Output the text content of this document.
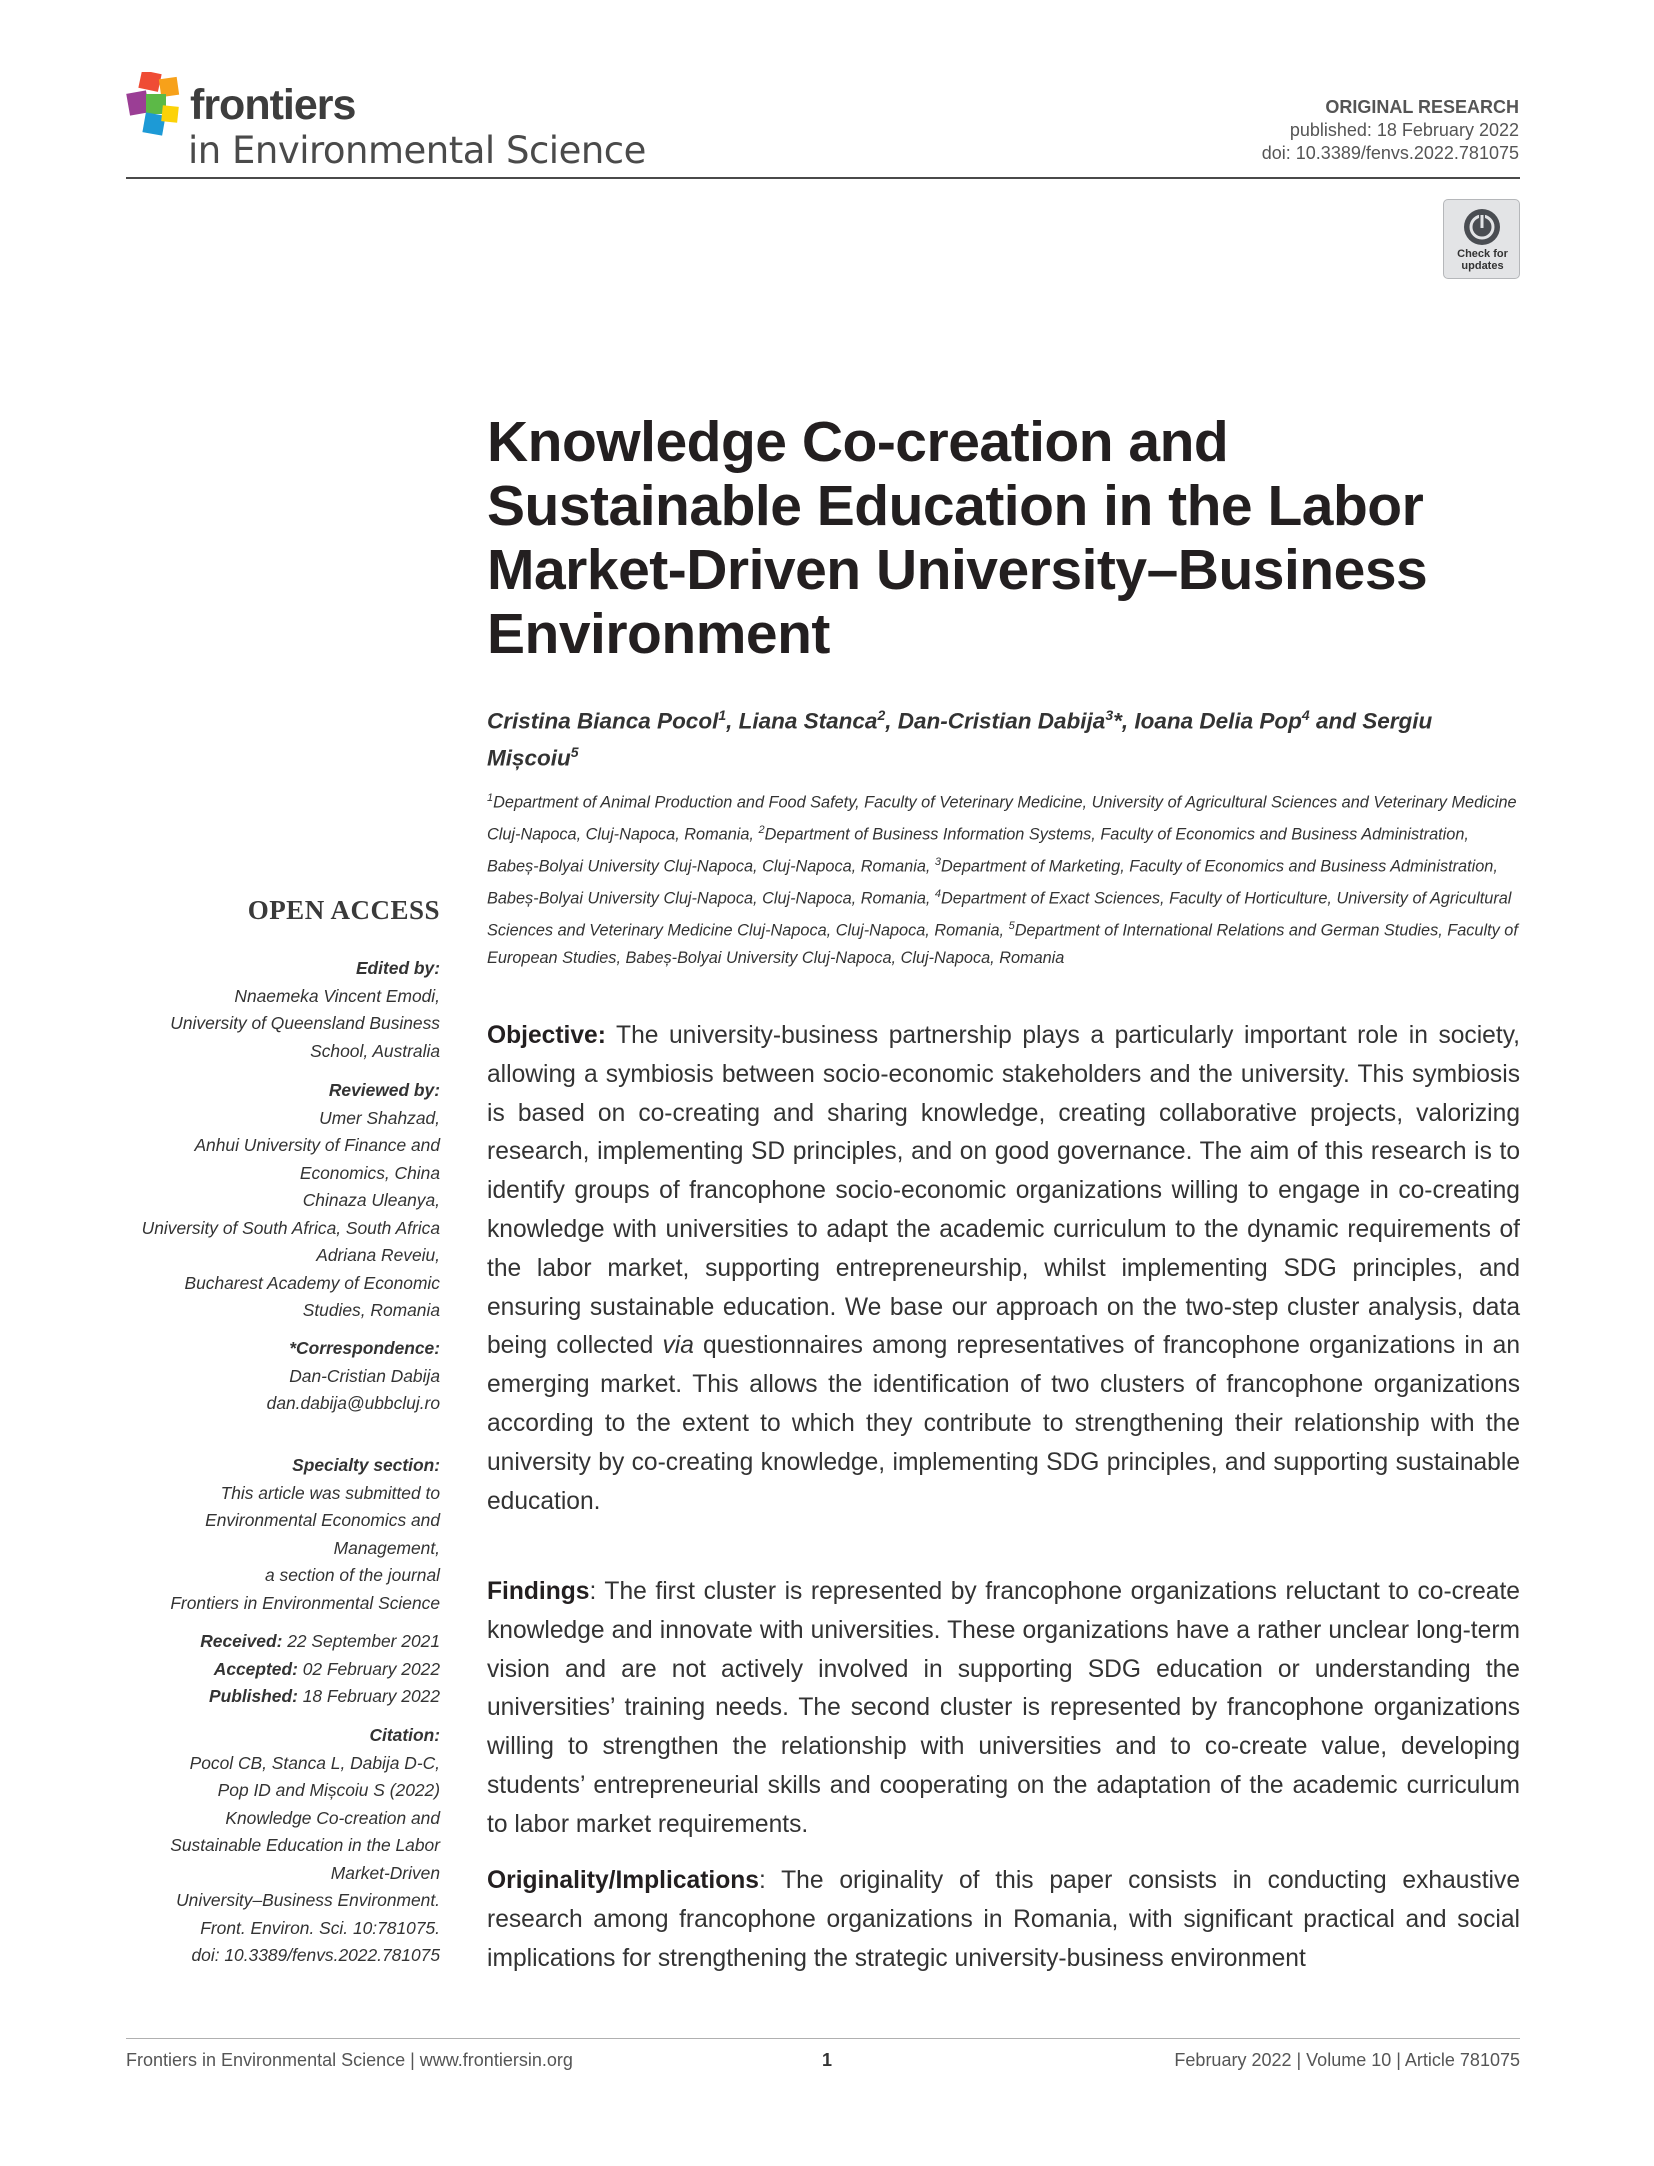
frontiers
in Environmental Science
ORIGINAL RESEARCH
published: 18 February 2022
doi: 10.3389/fenvs.2022.781075
Check for updates
Knowledge Co-creation and Sustainable Education in the Labor Market-Driven University–Business Environment
Cristina Bianca Pocol$^1$, Liana Stanca$^2$, Dan-Cristian Dabija$^3$*, Ioana Delia Pop$^4$ and Sergiu Mișcoiu$^5$
$^1$Department of Animal Production and Food Safety, Faculty of Veterinary Medicine, University of Agricultural Sciences and Veterinary Medicine Cluj-Napoca, Cluj-Napoca, Romania, $^2$Department of Business Information Systems, Faculty of Economics and Business Administration, Babeș-Bolyai University Cluj-Napoca, Cluj-Napoca, Romania, $^3$Department of Marketing, Faculty of Economics and Business Administration, Babeș-Bolyai University Cluj-Napoca, Cluj-Napoca, Romania, $^4$Department of Exact Sciences, Faculty of Horticulture, University of Agricultural Sciences and Veterinary Medicine Cluj-Napoca, Cluj-Napoca, Romania, $^5$Department of International Relations and German Studies, Faculty of European Studies, Babeș-Bolyai University Cluj-Napoca, Cluj-Napoca, Romania
OPEN ACCESS
Edited by:
Nnaemeka Vincent Emodi,
University of Queensland Business
School, Australia
Reviewed by:
Umer Shahzad,
Anhui University of Finance and
Economics, China
Chinaza Uleanya,
University of South Africa, South Africa
Adriana Reveiu,
Bucharest Academy of Economic
Studies, Romania
*Correspondence:
Dan-Cristian Dabija
dan.dabija@ubbcluj.ro
Specialty section:
This article was submitted to
Environmental Economics and
Management,
a section of the journal
Frontiers in Environmental Science
Received: 22 September 2021
Accepted: 02 February 2022
Published: 18 February 2022
Citation:
Pocol CB, Stanca L, Dabija D-C,
Pop ID and Mișcoiu S (2022)
Knowledge Co-creation and
Sustainable Education in the Labor
Market-Driven
University–Business Environment.
Front. Environ. Sci. 10:781075.
doi: 10.3389/fenvs.2022.781075

Objective: The university-business partnership plays a particularly important role in society, allowing a symbiosis between socio-economic stakeholders and the university. This symbiosis is based on co-creating and sharing knowledge, creating collaborative projects, valorizing research, implementing SD principles, and on good governance. The aim of this research is to identify groups of francophone socio-economic organizations willing to engage in co-creating knowledge with universities to adapt the academic curriculum to the dynamic requirements of the labor market, supporting entrepreneurship, whilst implementing SDG principles, and ensuring sustainable education. We base our approach on the two-step cluster analysis, data being collected via questionnaires among representatives of francophone organizations in an emerging market. This allows the identification of two clusters of francophone organizations according to the extent to which they contribute to strengthening their relationship with the university by co-creating knowledge, implementing SDG principles, and supporting sustainable education.

Findings: The first cluster is represented by francophone organizations reluctant to co-create knowledge and innovate with universities. These organizations have a rather unclear long-term vision and are not actively involved in supporting SDG education or understanding the universities’ training needs. The second cluster is represented by francophone organizations willing to strengthen the relationship with universities and to co-create value, developing students’ entrepreneurial skills and cooperating on the adaptation of the academic curriculum to labor market requirements.

Originality/Implications: The originality of this paper consists in conducting exhaustive research among francophone organizations in Romania, with significant practical and social implications for strengthening the strategic university-business environment

Frontiers in Environmental Science | www.frontiersin.org	1	February 2022 | Volume 10 | Article 781075
